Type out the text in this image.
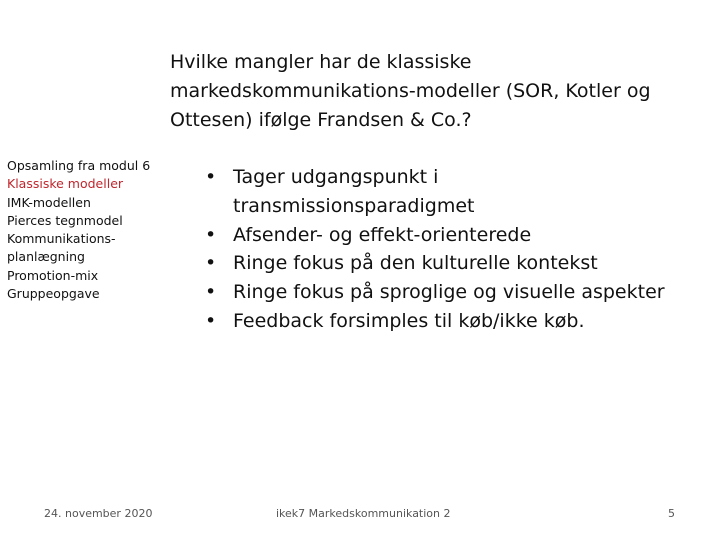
Hvilke mangler har de klassiske
markedskommunikations-modeller (SOR, Kotler og
Ottesen) ifølge Frandsen & Co.?
Opsamling fra modul 6
Klassiske modeller
IMK-modellen
Pierces tegnmodel
Kommunikations-
planlægning
Promotion-mix
Gruppeopgave
• Tager udgangspunkt i
transmissionsparadigmet
• Afsender- og effekt-orienterede
• Ringe fokus på den kulturelle kontekst
• Ringe fokus på sproglige og visuelle aspekter
• Feedback forsimples til køb/ikke køb.
24. november 2020	ikek7 Markedskommunikation 2	5
